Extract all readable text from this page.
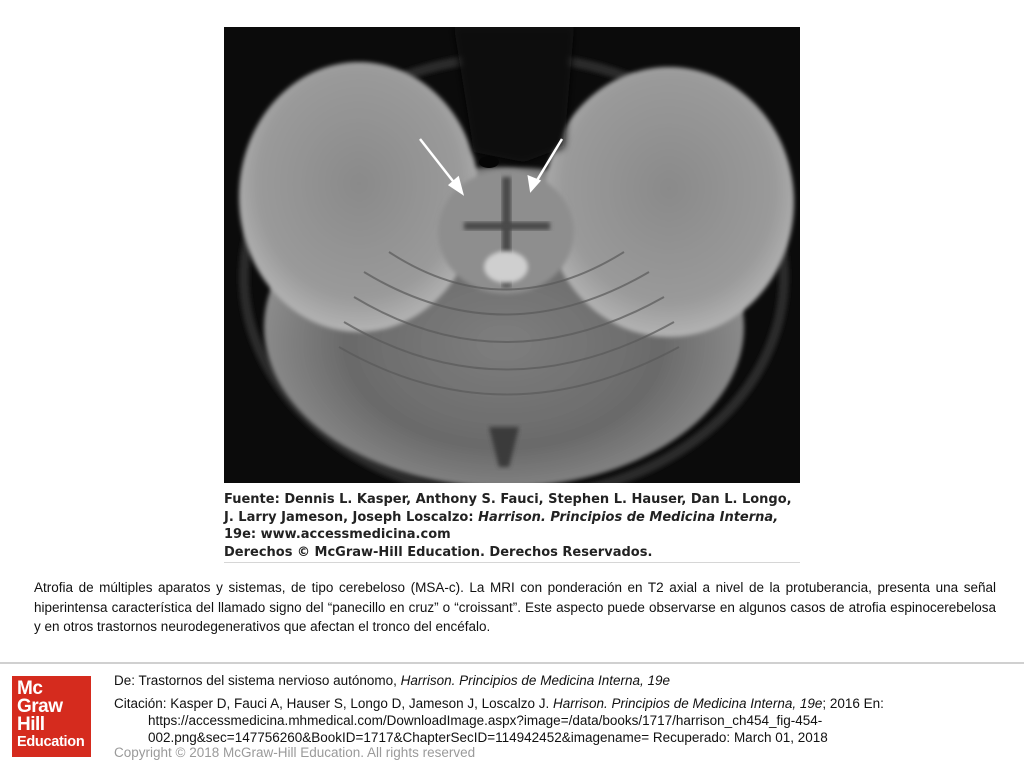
Fuente: Dennis L. Kasper, Anthony S. Fauci, Stephen L. Hauser, Dan L. Longo,
J. Larry Jameson, Joseph Loscalzo: Harrison. Principios de Medicina Interna,
19e: www.accessmedicina.com
Derechos © McGraw-Hill Education. Derechos Reservados.
Atrofia de múltiples aparatos y sistemas, de tipo cerebeloso (MSA-c). La MRI con ponderación en T2 axial a nivel de la protuberancia, presenta una señal hiperintensa característica del llamado signo del “panecillo en cruz” o “croissant”. Este aspecto puede observarse en algunos casos de atrofia espinocerebelosa y en otros trastornos neurodegenerativos que afectan el tronco del encéfalo.
Mc
Graw
Hill
Education
De: Trastornos del sistema nervioso autónomo, Harrison. Principios de Medicina Interna, 19e
Citación: Kasper D, Fauci A, Hauser S, Longo D, Jameson J, Loscalzo J. Harrison. Principios de Medicina Interna, 19e; 2016 En:
https://accessmedicina.mhmedical.com/DownloadImage.aspx?image=/data/books/1717/harrison_ch454_fig-454-
002.png&sec=147756260&BookID=1717&ChapterSecID=114942452&imagename= Recuperado: March 01, 2018
Copyright © 2018 McGraw-Hill Education. All rights reserved
